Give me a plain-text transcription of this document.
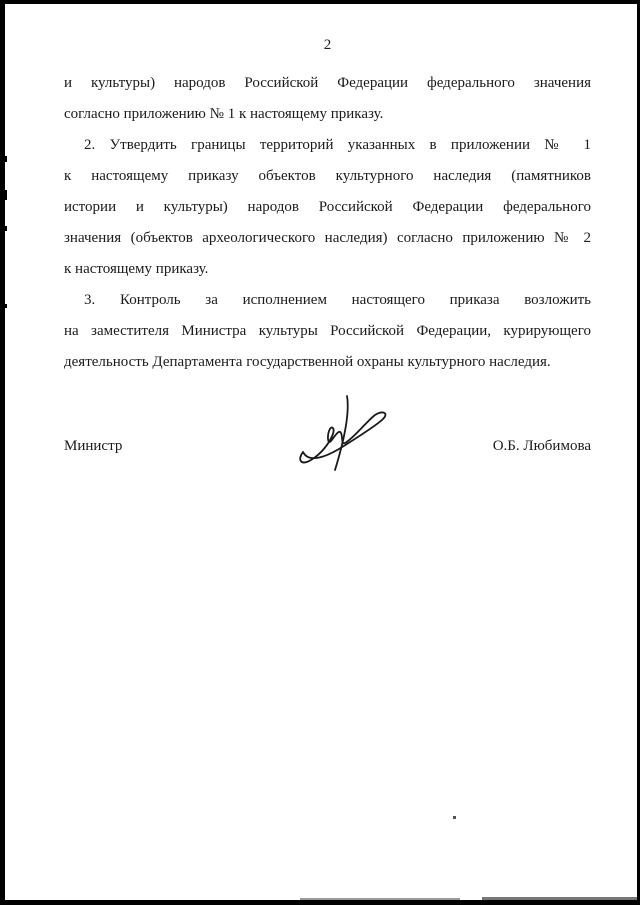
2
и культуры) народов Российской Федерации федерального значения
согласно приложению № 1 к настоящему приказу.
2. Утвердить границы территорий указанных в приложении № 1
к настоящему приказу объектов культурного наследия (памятников
истории и культуры) народов Российской Федерации федерального
значения (объектов археологического наследия) согласно приложению № 2
к настоящему приказу.
3. Контроль за исполнением настоящего приказа возложить
на заместителя Министра культуры Российской Федерации, курирующего
деятельность Департамента государственной охраны культурного наследия.
Министр	О.Б. Любимова
